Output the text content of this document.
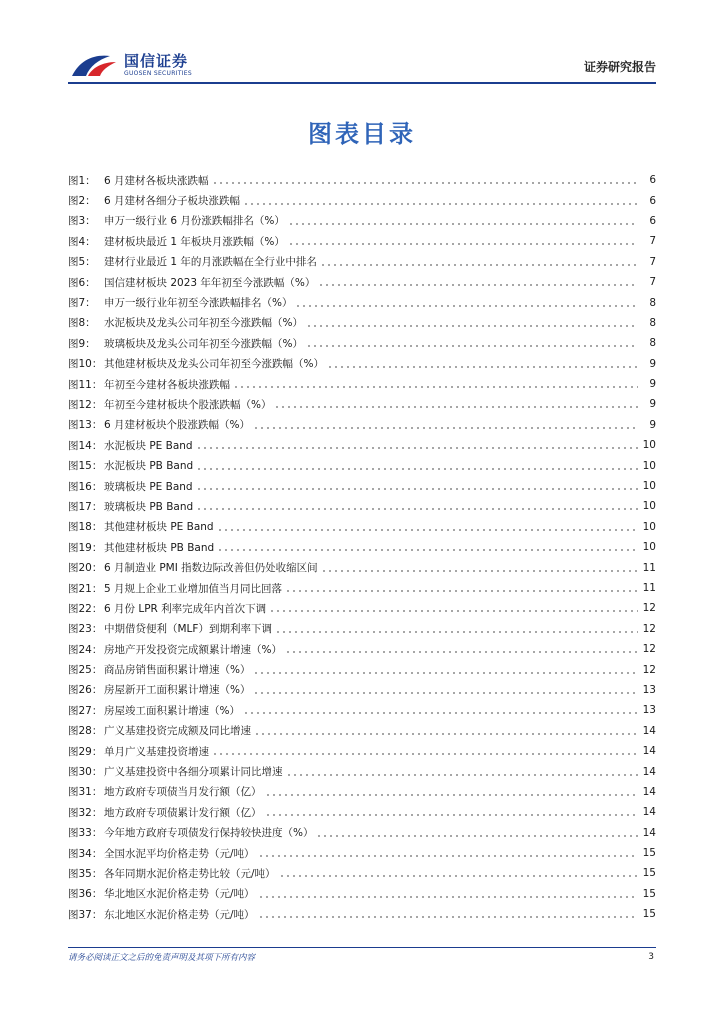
国信证券
GUOSEN SECURITIES	证券研究报告
图表目录
图1： 6 月建材各板块涨跌幅	6
图2： 6 月建材各细分子板块涨跌幅	6
图3： 申万一级行业 6 月份涨跌幅排名（%）	6
图4： 建材板块最近 1 年板块月涨跌幅（%）	7
图5： 建材行业最近 1 年的月涨跌幅在全行业中排名	7
图6： 国信建材板块 2023 年年初至今涨跌幅（%）	7
图7： 申万一级行业年初至今涨跌幅排名（%）	8
图8： 水泥板块及龙头公司年初至今涨跌幅（%）	8
图9： 玻璃板块及龙头公司年初至今涨跌幅（%）	8
图10： 其他建材板块及龙头公司年初至今涨跌幅（%）	9
图11： 年初至今建材各板块涨跌幅	9
图12： 年初至今建材板块个股涨跌幅（%）	9
图13： 6 月建材板块个股涨跌幅（%）	9
图14： 水泥板块 PE Band	10
图15： 水泥板块 PB Band	10
图16： 玻璃板块 PE Band	10
图17： 玻璃板块 PB Band	10
图18： 其他建材板块 PE Band	10
图19： 其他建材板块 PB Band	10
图20： 6 月制造业 PMI 指数边际改善但仍处收缩区间	11
图21： 5 月规上企业工业增加值当月同比回落	11
图22： 6 月份 LPR 利率完成年内首次下调	12
图23： 中期借贷便利（MLF）到期利率下调	12
图24： 房地产开发投资完成额累计增速（%）	12
图25： 商品房销售面积累计增速（%）	12
图26： 房屋新开工面积累计增速（%）	13
图27： 房屋竣工面积累计增速（%）	13
图28： 广义基建投资完成额及同比增速	14
图29： 单月广义基建投资增速	14
图30： 广义基建投资中各细分项累计同比增速	14
图31： 地方政府专项债当月发行额（亿）	14
图32： 地方政府专项债累计发行额（亿）	14
图33： 今年地方政府专项债发行保持较快进度（%）	14
图34： 全国水泥平均价格走势（元/吨）	15
图35： 各年同期水泥价格走势比较（元/吨）	15
图36： 华北地区水泥价格走势（元/吨）	15
图37： 东北地区水泥价格走势（元/吨）	15
请务必阅读正文之后的免责声明及其项下所有内容	3
